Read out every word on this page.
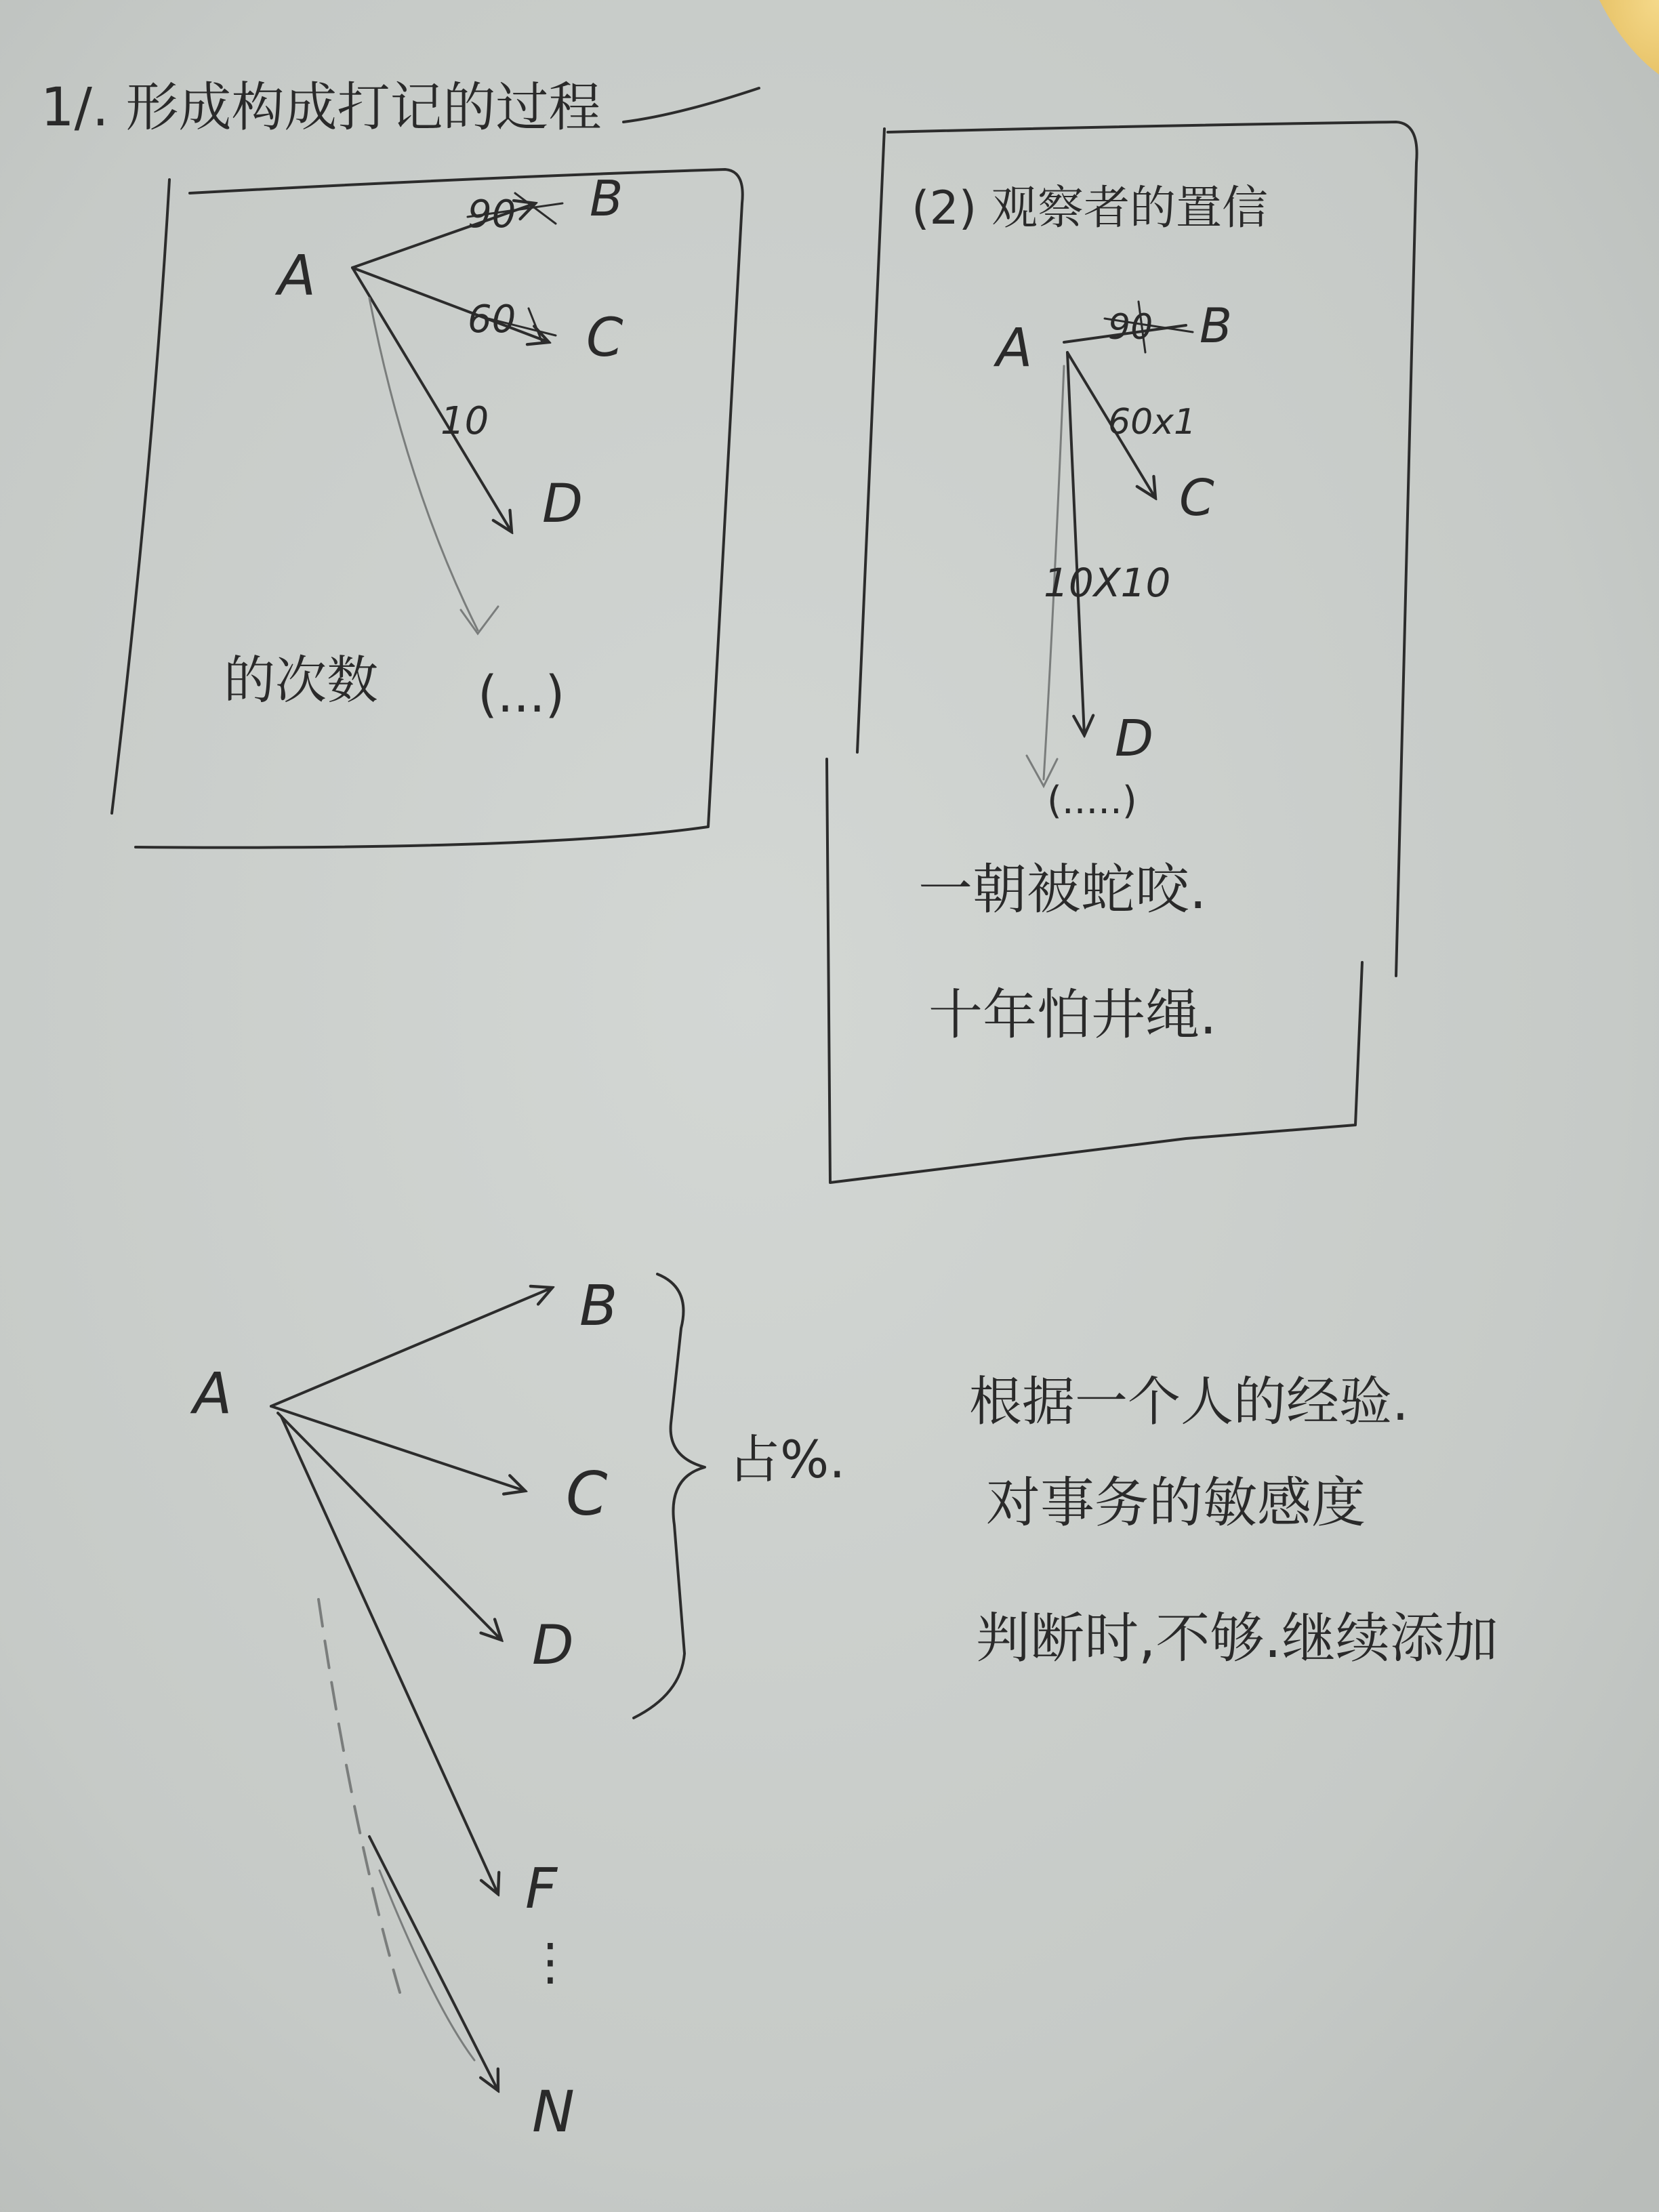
1/. 形成构成打记的过程
A
B
C
D
90
60
10
的次数 (...)
(2) 观察者的置信
A	B
C
D
90
60x1
10X10
(.....)
一朝被蛇咬.
十年怕井绳.
A
B
C
D
F
⋮
N
占%.
根据一个人的经验.
对事务的敏感度
判断时,不够.继续添加
